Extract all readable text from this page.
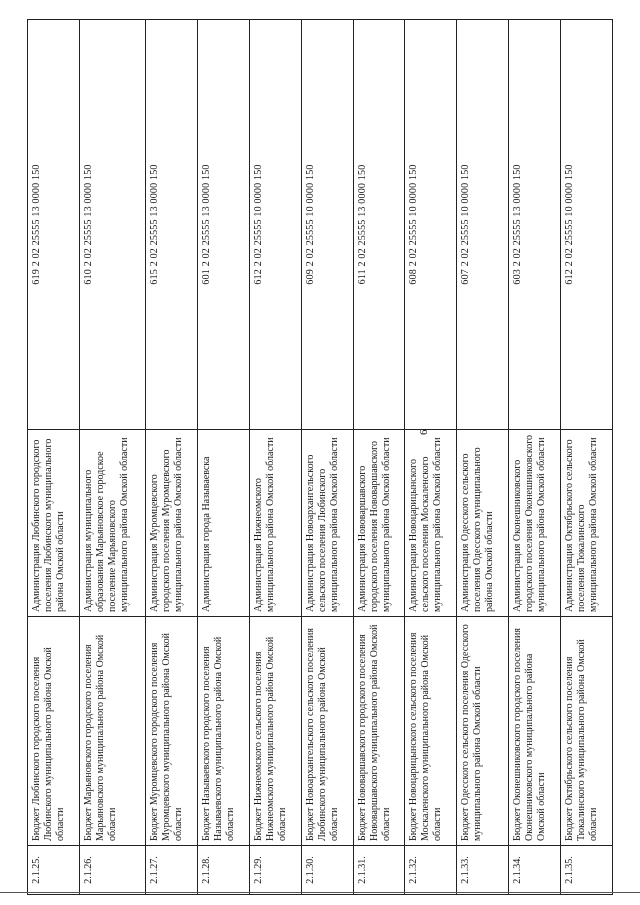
6
2.1.25.	Бюджет Любинского городского поселения Любинского муниципального района Омской области	Администрация Любинского городского поселения Любинского муниципального района Омской области	619 2 02 25555 13 0000 150
2.1.26.	Бюджет Марьяновского городского поселения Марьяновского муниципального района Омской области	Администрация муниципального образования Марьяновское городское поселение Марьяновского муниципального района Омской области	610 2 02 25555 13 0000 150
2.1.27.	Бюджет Муромцевского городского поселения Муромцевского муниципального района Омской области	Администрация Муромцевского городского поселения Муромцевского муниципального района Омской области	615 2 02 25555 13 0000 150
2.1.28.	Бюджет Называевского городского поселения Называевского муниципального района Омской области	Администрация города Называевска	601 2 02 25555 13 0000 150
2.1.29.	Бюджет Нижнеомского сельского поселения Нижнеомского муниципального района Омской области	Администрация Нижнеомского муниципального района Омской области	612 2 02 25555 10 0000 150
2.1.30.	Бюджет Новоархангельского сельского поселения Любинского муниципального района Омской области	Администрация Новоархангельского сельского поселения Любинского муниципального района Омской области	609 2 02 25555 10 0000 150
2.1.31.	Бюджет Нововаршавского городского поселения Нововаршавского муниципального района Омской области	Администрация Нововаршавского городского поселения Нововаршавского муниципального района Омской области	611 2 02 25555 13 0000 150
2.1.32.	Бюджет Новоцарицынского сельского поселения Москаленского муниципального района Омской области	Администрация Новоцарицынского сельского поселения Москаленского муниципального района Омской области	608 2 02 25555 10 0000 150
2.1.33.	Бюджет Одесского сельского поселения Одесского муниципального района Омской области	Администрация Одесского сельского поселения Одесского муниципального района Омской области	607 2 02 25555 10 0000 150
2.1.34.	Бюджет Оконешниковского городского поселения Оконешниковского муниципального района Омской области	Администрация Оконешниковского городского поселения Оконешниковского муниципального района Омской области	603 2 02 25555 13 0000 150
2.1.35.	Бюджет Октябрьского сельского поселения Тюкалинского муниципального района Омской области	Администрация Октябрьского сельского поселения Тюкалинского муниципального района Омской области	612 2 02 25555 10 0000 150
